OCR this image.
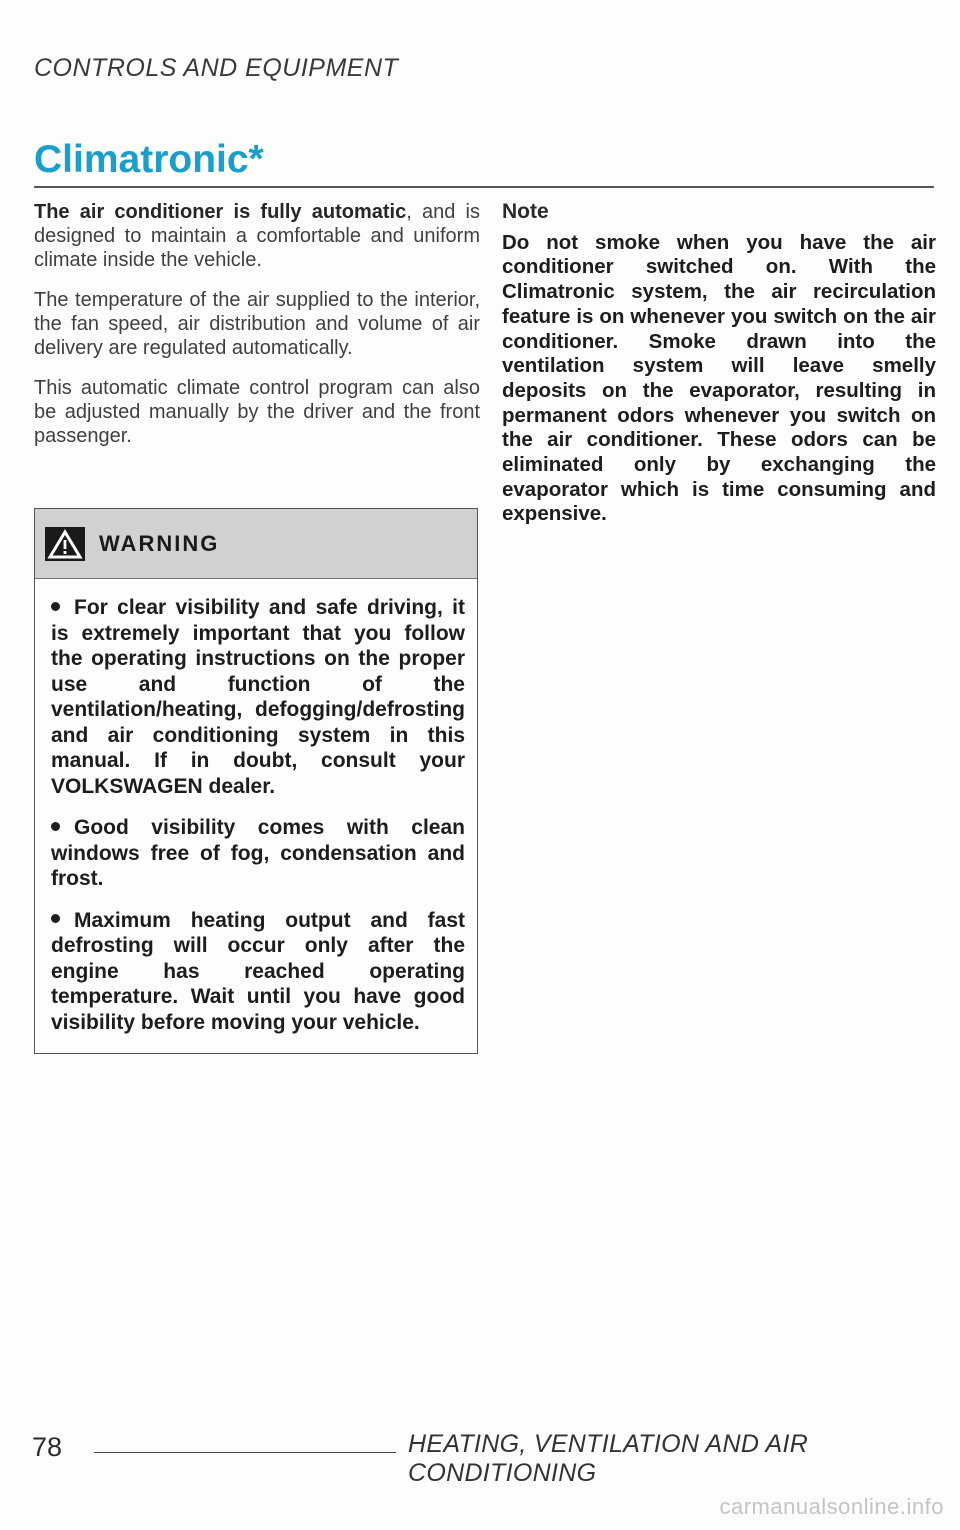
CONTROLS AND EQUIPMENT
Climatronic*

The air conditioner is fully automatic, and is designed to maintain a comfortable and uniform climate inside the vehicle.

The temperature of the air supplied to the interior, the fan speed, air distribution and volume of air delivery are regulated automatically.

This automatic climate control program can also be adjusted manually by the driver and the front passenger.

WARNING
For clear visibility and safe driving, it is extremely important that you follow the operating instructions on the proper use and function of the ventilation/heating, defogging/defrosting and air conditioning system in this manual. If in doubt, consult your VOLKSWAGEN dealer.
Good visibility comes with clean windows free of fog, condensation and frost.
Maximum heating output and fast defrosting will occur only after the engine has reached operating temperature. Wait until you have good visibility before moving your vehicle.
Note

Do not smoke when you have the air conditioner switched on. With the Climatronic system, the air recirculation feature is on whenever you switch on the air conditioner. Smoke drawn into the ventilation system will leave smelly deposits on the evaporator, resulting in permanent odors whenever you switch on the air conditioner. These odors can be eliminated only by exchanging the evaporator which is time consuming and expensive.

78	HEATING, VENTILATION AND AIR CONDITIONING
carmanualsonline.info
